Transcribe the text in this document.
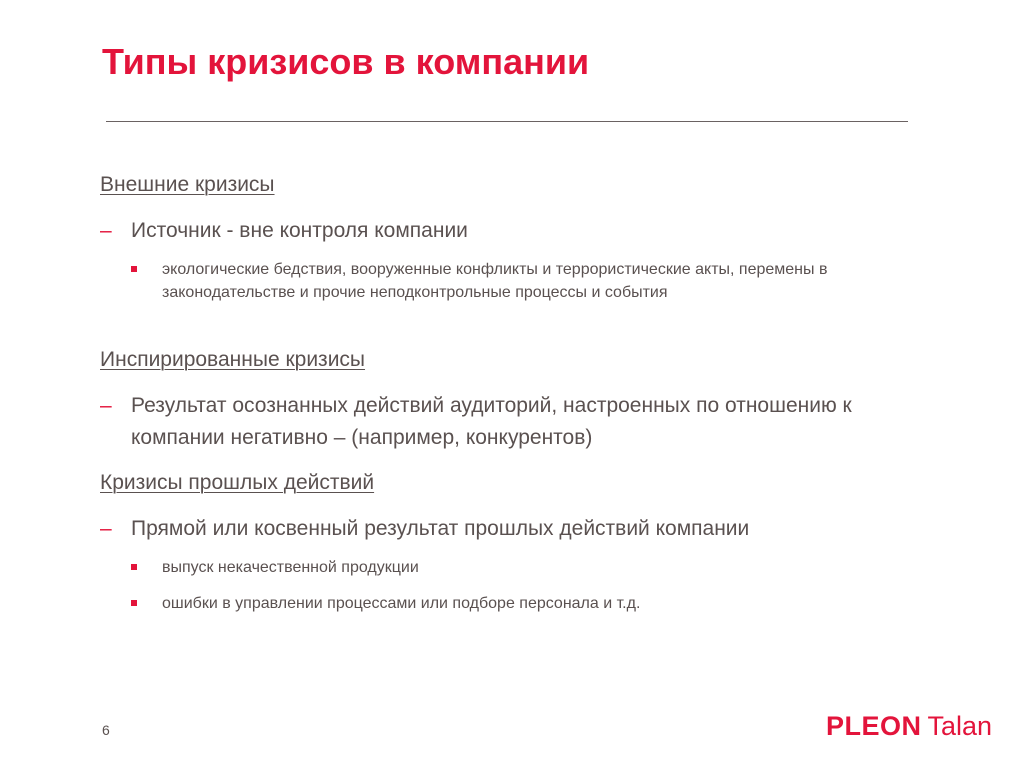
Типы кризисов в компании
Внешние кризисы
– Источник - вне контроля компании
экологические бедствия, вооруженные конфликты и террористические акты, перемены в законодательстве и прочие неподконтрольные процессы и события
Инспирированные кризисы
– Результат осознанных действий аудиторий, настроенных по отношению к компании негативно – (например, конкурентов)
Кризисы прошлых действий
– Прямой или косвенный результат прошлых действий компании
выпуск некачественной продукции
ошибки в управлении процессами или подборе персонала и т.д.
6	PLEON Talan
